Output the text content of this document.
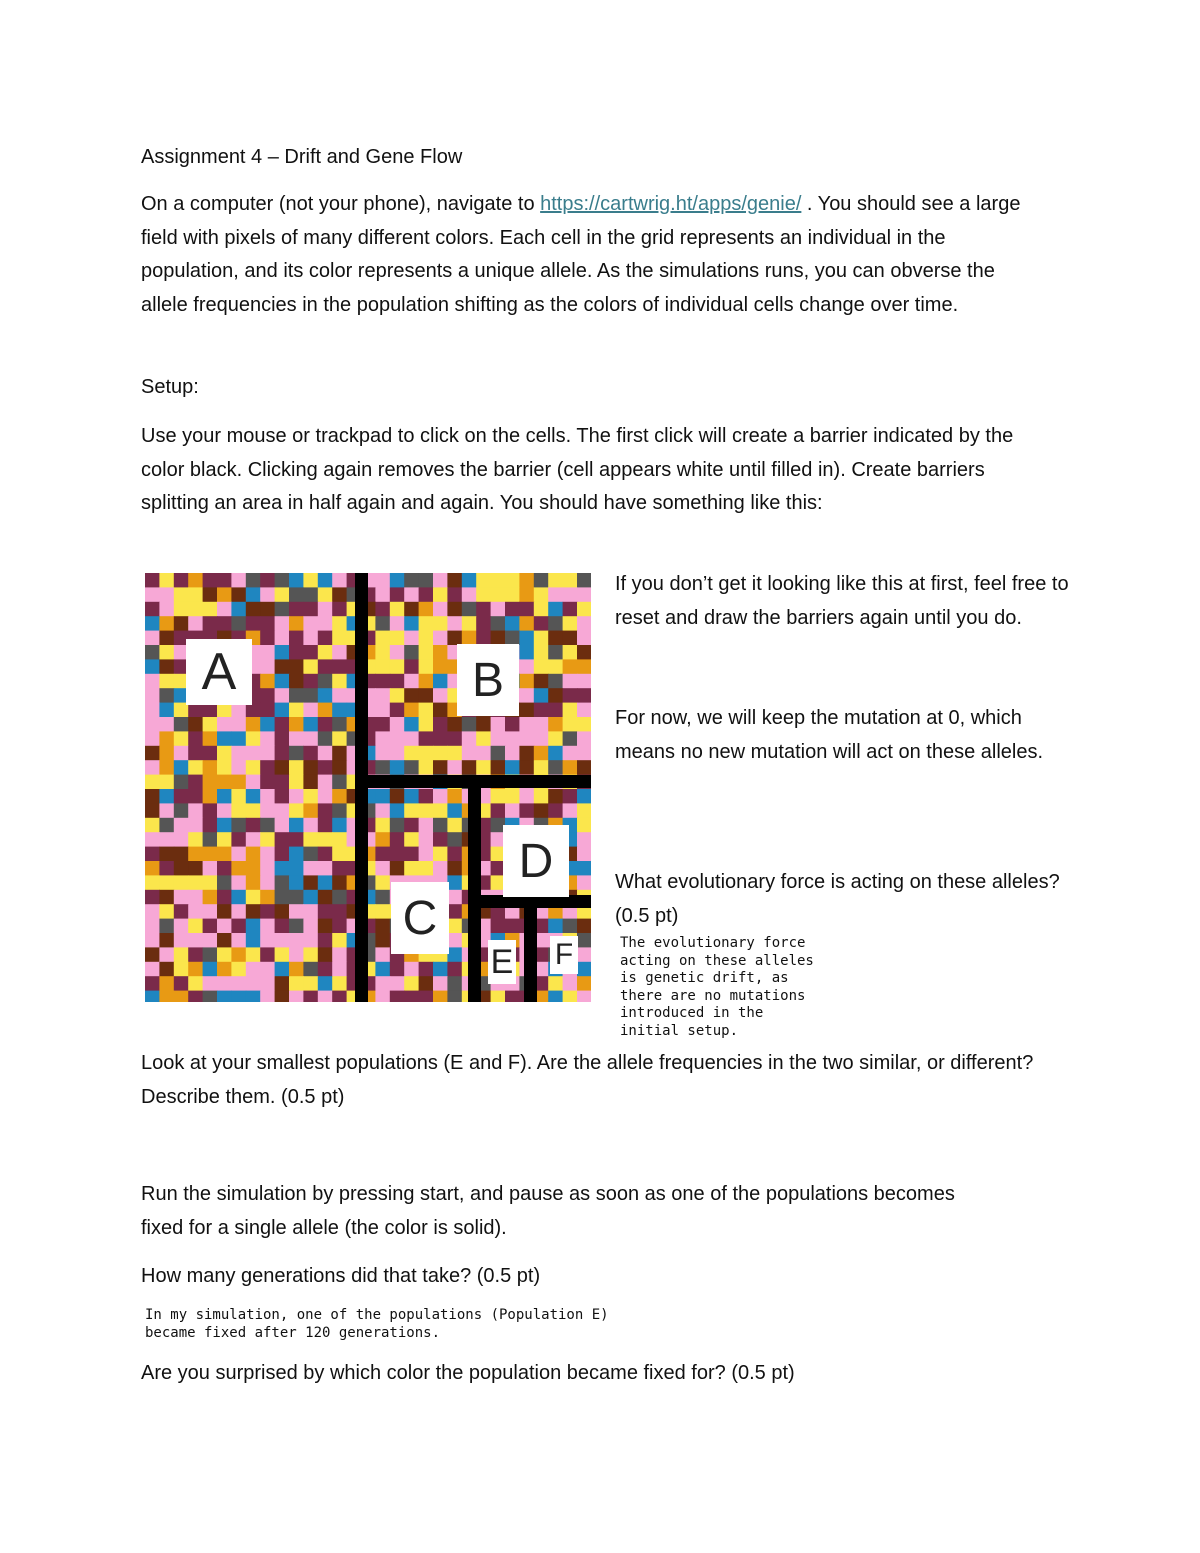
Assignment 4 – Drift and Gene Flow

On a computer (not your phone), navigate to https://cartwrig.ht/apps/genie/ . You should see a large field with pixels of many different colors. Each cell in the grid represents an individual in the population, and its color represents a unique allele. As the simulations runs, you can obverse the allele frequencies in the population shifting as the colors of individual cells change over time.

Setup:

Use your mouse or trackpad to click on the cells. The first click will create a barrier indicated by the color black. Clicking again removes the barrier (cell appears white until filled in). Create barriers splitting an area in half again and again. You should have something like this:

A	B
C
D
E F

If you don’t get it looking like this at first, feel free to reset and draw the barriers again until you do.

For now, we will keep the mutation at 0, which means no new mutation will act on these alleles.

What evolutionary force is acting on these alleles? (0.5 pt)

The evolutionary force
acting on these alleles
is genetic drift, as
there are no mutations
introduced in the
initial setup.

Look at your smallest populations (E and F). Are the allele frequencies in the two similar, or different? Describe them. (0.5 pt)

Run the simulation by pressing start, and pause as soon as one of the populations becomes fixed for a single allele (the color is solid).

How many generations did that take? (0.5 pt)

In my simulation, one of the populations (Population E)
became fixed after 120 generations.

Are you surprised by which color the population became fixed for? (0.5 pt)
